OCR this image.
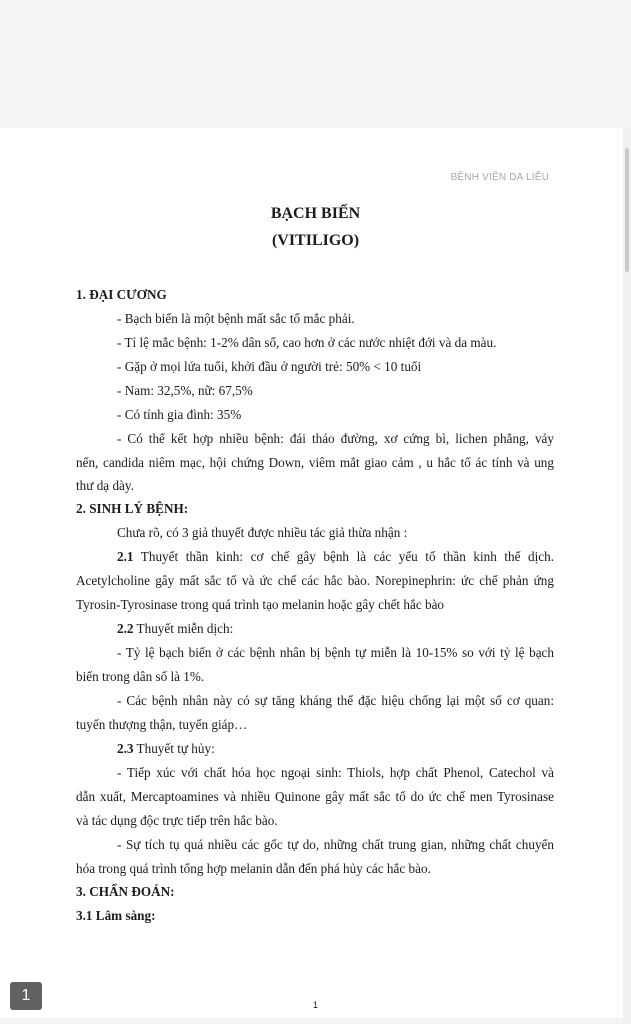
BỆNH VIỆN DA LIỄU
BẠCH BIẾN
(VITILIGO)
1. ĐẠI CƯƠNG
- Bạch biến là một bệnh mất sắc tố mắc phải.
- Tỉ lệ mắc bệnh: 1-2% dân số, cao hơn ở các nước nhiệt đới và da màu.
- Gặp ở mọi lứa tuổi, khởi đầu ở người trẻ: 50% < 10 tuổi
- Nam: 32,5%, nữ: 67,5%
- Có tính gia đình: 35%
- Có thể kết hợp nhiều bệnh: đái tháo đường, xơ cứng bì, lichen phẳng, vảy
nến, candida niêm mạc, hội chứng Down, viêm mắt giao cảm , u hắc tố ác tính và ung
thư dạ dày.
2. SINH LÝ BỆNH:
Chưa rõ, có 3 giả thuyết được nhiều tác giả thừa nhận :
2.1 Thuyết thần kinh: cơ chế gây bệnh là các yếu tố thần kinh thể dịch.
Acetylcholine gây mất sắc tố và ức chế các hắc bào. Norepinephrin: ức chế phản ứng
Tyrosin-Tyrosinase trong quá trình tạo melanin hoặc gây chết hắc bào
2.2 Thuyết miễn dịch:
- Tỷ lệ bạch biến ở các bệnh nhân bị bệnh tự miễn là 10-15% so với tỷ lệ bạch
biến trong dân số là 1%.
- Các bệnh nhân này có sự tăng kháng thể đặc hiệu chống lại một số cơ quan:
tuyến thượng thận, tuyến giáp…
2.3 Thuyết tự hủy:
- Tiếp xúc với chất hóa học ngoại sinh: Thiols, hợp chất Phenol, Catechol và
dẫn xuất, Mercaptoamines và nhiều Quinone gây mất sắc tố do ức chế men Tyrosinase
và tác dụng độc trực tiếp trên hắc bào.
- Sự tích tụ quá nhiều các gốc tự do, những chất trung gian, những chất chuyển
hóa trong quá trình tổng hợp melanin dẫn đến phá hủy các hắc bào.
3. CHẨN ĐOÁN:
3.1 Lâm sàng:
1
1
